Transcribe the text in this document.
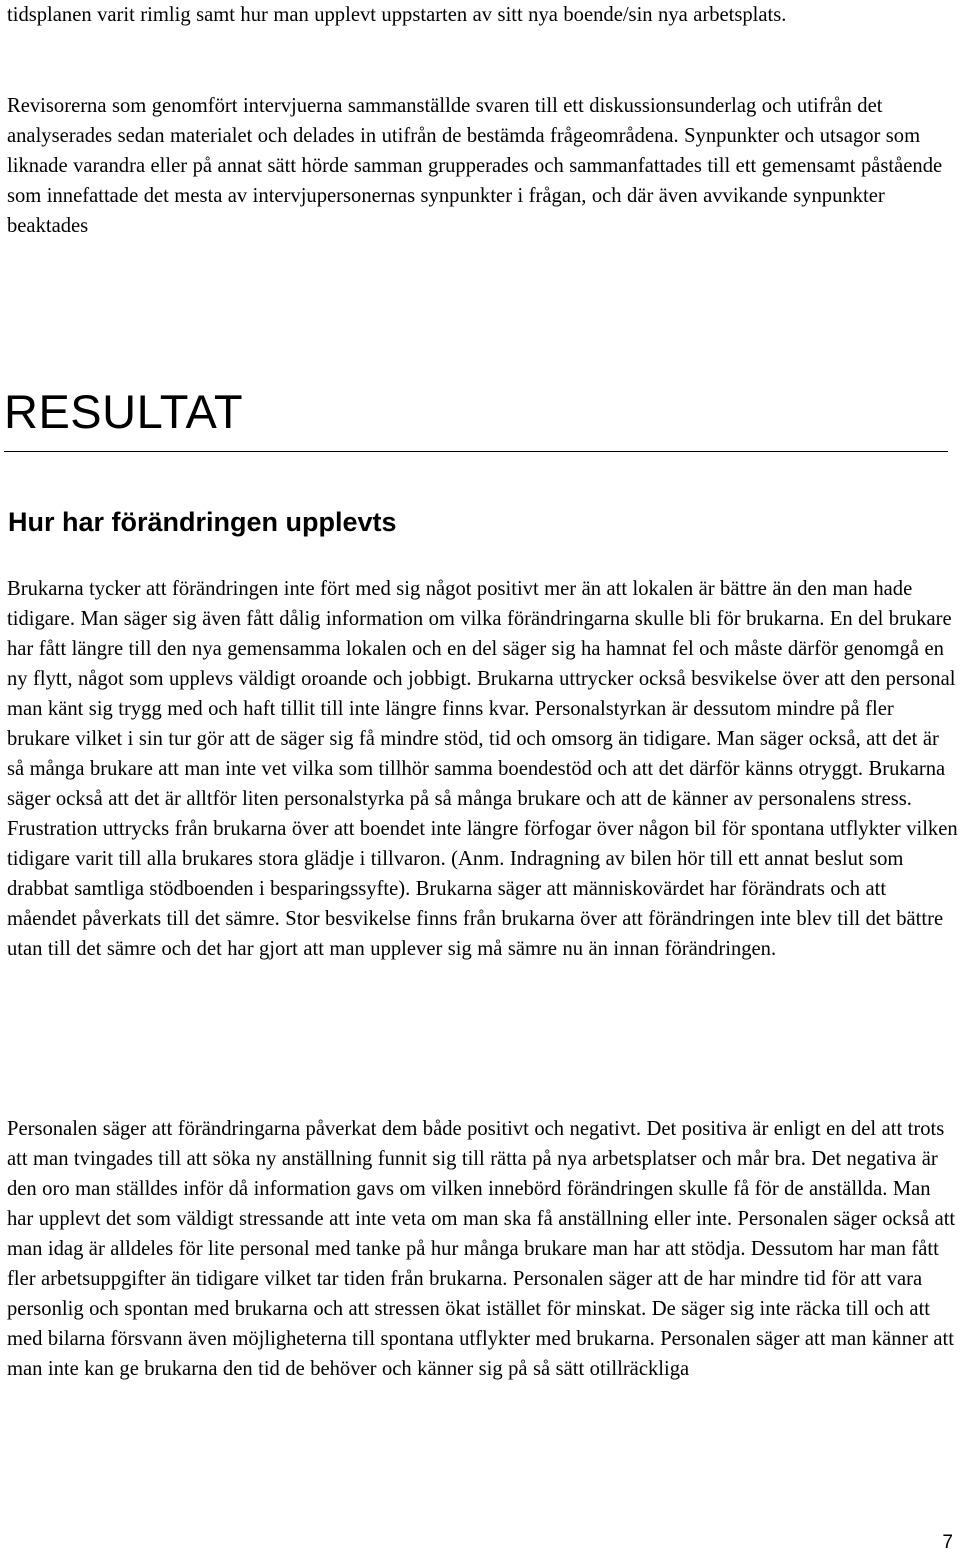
tidsplanen varit rimlig samt hur man upplevt uppstarten av sitt nya boende/sin nya arbetsplats.

Revisorerna som genomfört intervjuerna sammanställde svaren till ett diskussionsunderlag och utifrån det analyserades sedan materialet och delades in utifrån de bestämda frågeområdena. Synpunkter och utsagor som liknade varandra eller på annat sätt hörde samman grupperades och sammanfattades till ett gemensamt påstående som innefattade det mesta av intervjupersonernas synpunkter i frågan, och där även avvikande synpunkter beaktades

RESULTAT
Hur har förändringen upplevts

Brukarna tycker att förändringen inte fört med sig något positivt mer än att lokalen är bättre än den man hade tidigare. Man säger sig även fått dålig information om vilka förändringarna skulle bli för brukarna. En del brukare har fått längre till den nya gemensamma lokalen och en del säger sig ha hamnat fel och måste därför genomgå en ny flytt, något som upplevs väldigt oroande och jobbigt. Brukarna uttrycker också besvikelse över att den personal man känt sig trygg med och haft tillit till inte längre finns kvar. Personalstyrkan är dessutom mindre på fler brukare vilket i sin tur gör att de säger sig få mindre stöd, tid och omsorg än tidigare. Man säger också, att det är så många brukare att man inte vet vilka som tillhör samma boendestöd och att det därför känns otryggt. Brukarna säger också att det är alltför liten personalstyrka på så många brukare och att de känner av personalens stress. Frustration uttrycks från brukarna över att boendet inte längre förfogar över någon bil för spontana utflykter vilken tidigare varit till alla brukares stora glädje i tillvaron. (Anm. Indragning av bilen hör till ett annat beslut som drabbat samtliga stödboenden i besparingssyfte). Brukarna säger att människovärdet har förändrats och att måendet påverkats till det sämre. Stor besvikelse finns från brukarna över att förändringen inte blev till det bättre utan till det sämre och det har gjort att man upplever sig må sämre nu än innan förändringen.

Personalen säger att förändringarna påverkat dem både positivt och negativt. Det positiva är enligt en del att trots att man tvingades till att söka ny anställning funnit sig till rätta på nya arbetsplatser och mår bra. Det negativa är den oro man ställdes inför då information gavs om vilken innebörd förändringen skulle få för de anställda. Man har upplevt det som väldigt stressande att inte veta om man ska få anställning eller inte. Personalen säger också att man idag är alldeles för lite personal med tanke på hur många brukare man har att stödja. Dessutom har man fått fler arbetsuppgifter än tidigare vilket tar tiden från brukarna. Personalen säger att de har mindre tid för att vara personlig och spontan med brukarna och att stressen ökat istället för minskat. De säger sig inte räcka till och att med bilarna försvann även möjligheterna till spontana utflykter med brukarna. Personalen säger att man känner att man inte kan ge brukarna den tid de behöver och känner sig på så sätt otillräckliga

7
